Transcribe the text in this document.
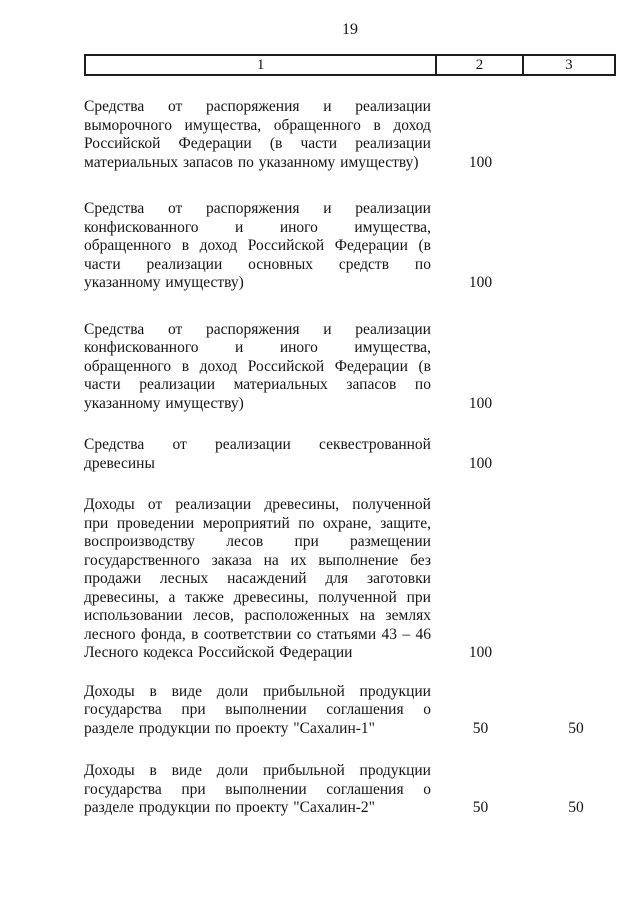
19
1	2	3
Средства от распоряжения и реализации
выморочного имущества, обращенного в доход
Российской Федерации (в части реализации
материальных запасов по указанному имуществу)	100
Средства от распоряжения и реализации
конфискованного и иного имущества,
обращенного в доход Российской Федерации (в
части реализации основных средств по
указанному имуществу)	100
Средства от распоряжения и реализации
конфискованного и иного имущества,
обращенного в доход Российской Федерации (в
части реализации материальных запасов по
указанному имуществу)	100
Средства от реализации секвестрованной
древесины	100
Доходы от реализации древесины, полученной
при проведении мероприятий по охране, защите,
воспроизводству лесов при размещении
государственного заказа на их выполнение без
продажи лесных насаждений для заготовки
древесины, а также древесины, полученной при
использовании лесов, расположенных на землях
лесного фонда, в соответствии со статьями 43 – 46
Лесного кодекса Российской Федерации	100
Доходы в виде доли прибыльной продукции
государства при выполнении соглашения о
разделе продукции по проекту "Сахалин-1"	50	50
Доходы в виде доли прибыльной продукции
государства при выполнении соглашения о
разделе продукции по проекту "Сахалин-2"	50	50
